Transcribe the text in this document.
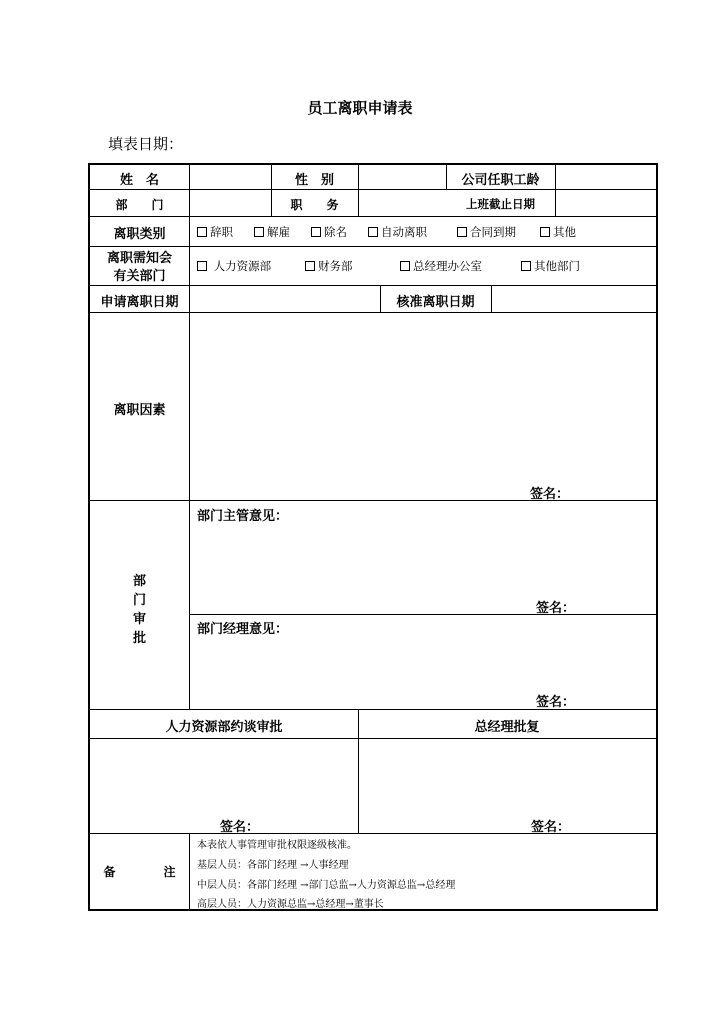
员工离职申请表
填表日期：
姓　名	性　别	公司任职工龄
部　　门	职　　务	上班截止日期
离职类别	辞职	解雇	除名	自动离职	合同到期	其他
离职需知会
有关部门
人力资源部	财务部	总经理办公室	其他部门
申请离职日期	核准离职日期
离职因素
签名：
部
门
审
批
部门主管意见：
签名：
部门经理意见：
签名：
人力资源部约谈审批	总经理批复
签名：	签名：
备　　　　注
本表依人事管理审批权限逐级核准。
基层人员：各部门经理 →人事经理
中层人员：各部门经理 →部门总监→人力资源总监→总经理
高层人员：人力资源总监→总经理→董事长
